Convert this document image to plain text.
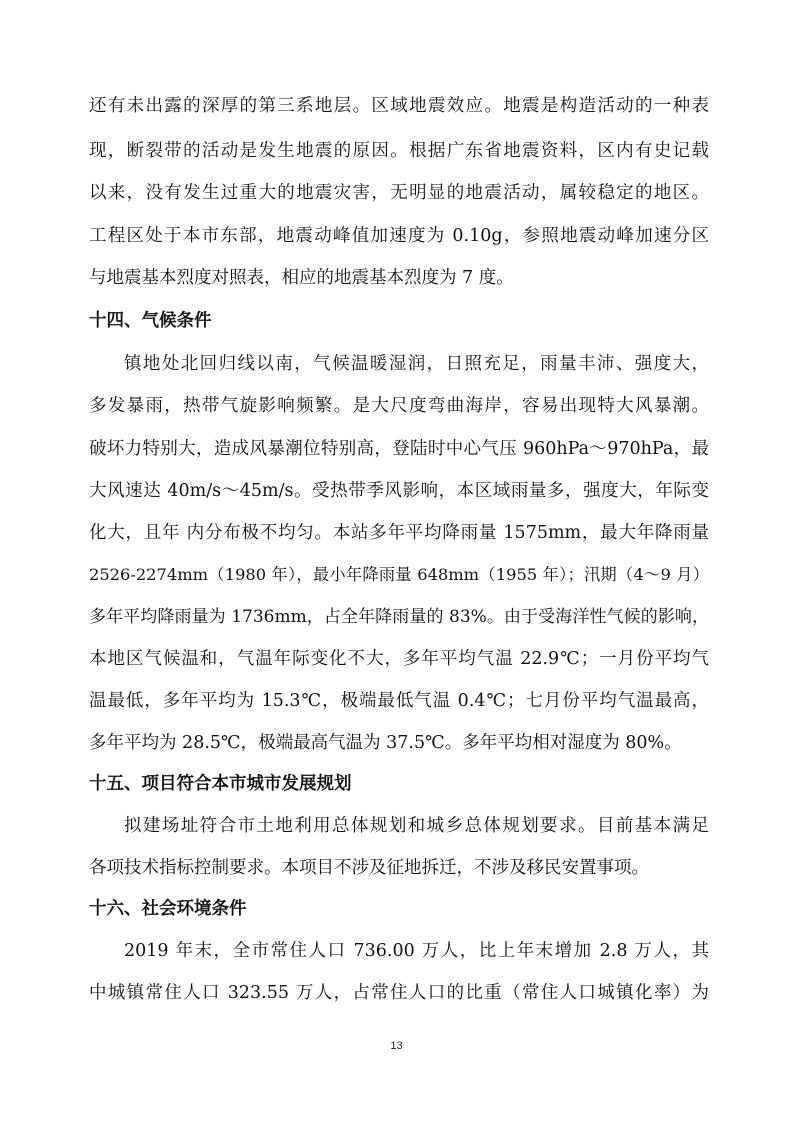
还有未出露的深厚的第三系地层。区域地震效应。地震是构造活动的一种表
现，断裂带的活动是发生地震的原因。根据广东省地震资料，区内有史记载
以来，没有发生过重大的地震灾害，无明显的地震活动，属较稳定的地区。
工程区处于本市东部，地震动峰值加速度为 0.10g，参照地震动峰加速分区
与地震基本烈度对照表，相应的地震基本烈度为 7 度。
十四、气候条件
镇地处北回归线以南，气候温暖湿润，日照充足，雨量丰沛、强度大，
多发暴雨，热带气旋影响频繁。是大尺度弯曲海岸，容易出现特大风暴潮。
破坏力特别大，造成风暴潮位特别高，登陆时中心气压 960hPa～970hPa，最
大风速达 40m/s～45m/s。受热带季风影响，本区域雨量多，强度大，年际变
化大，且年 内分布极不均匀。本站多年平均降雨量 1575mm，最大年降雨量
2526-2274mm（1980 年），最小年降雨量 648mm（1955 年）；汛期（4～9 月）
多年平均降雨量为 1736mm，占全年降雨量的 83%。由于受海洋性气候的影响，
本地区气候温和，气温年际变化不大，多年平均气温 22.9℃；一月份平均气
温最低，多年平均为 15.3℃，极端最低气温 0.4℃；七月份平均气温最高，
多年平均为 28.5℃，极端最高气温为 37.5℃。多年平均相对湿度为 80%。
十五、项目符合本市城市发展规划
拟建场址符合市土地利用总体规划和城乡总体规划要求。目前基本满足
各项技术指标控制要求。本项目不涉及征地拆迁，不涉及移民安置事项。
十六、社会环境条件
2019 年末，全市常住人口 736.00 万人，比上年末增加 2.8 万人，其
中城镇常住人口 323.55 万人，占常住人口的比重（常住人口城镇化率）为
13
